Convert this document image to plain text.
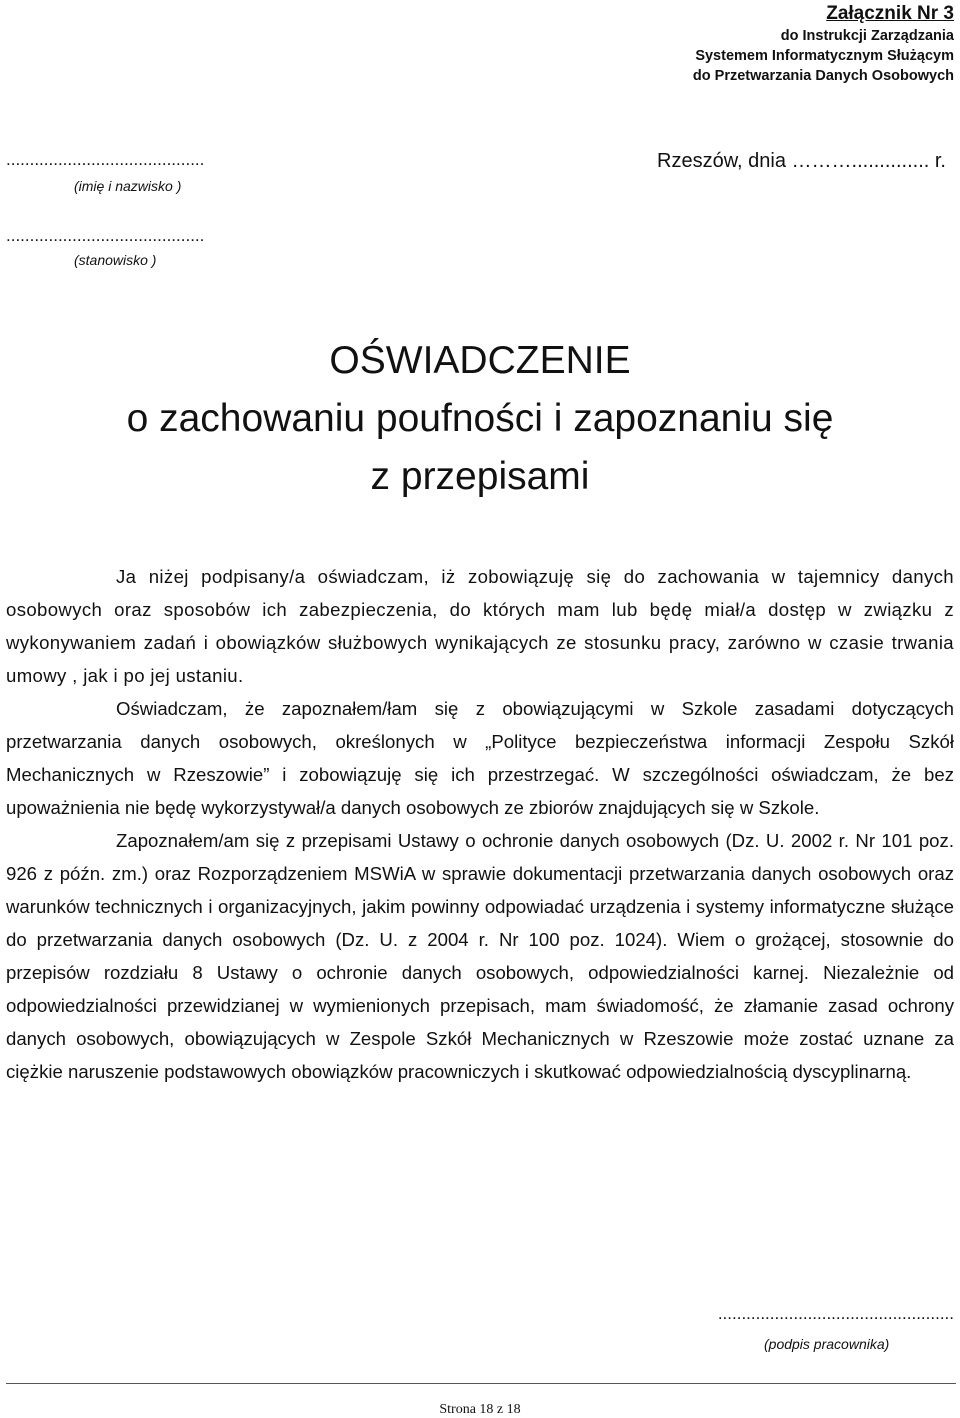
Załącznik Nr 3
do Instrukcji Zarządzania
Systemem Informatycznym Służącym
do Przetwarzania Danych Osobowych
..........................................
(imię i nazwisko )
Rzeszów, dnia ……….............. r.
..........................................
(stanowisko )
OŚWIADCZENIE
o zachowaniu poufności i zapoznaniu się
z przepisami

Ja niżej podpisany/a oświadczam, iż zobowiązuję się do zachowania w tajemnicy danych osobowych oraz sposobów ich zabezpieczenia, do których mam lub będę miał/a dostęp w związku z wykonywaniem zadań i obowiązków służbowych wynikających ze stosunku pracy, zarówno w czasie trwania umowy , jak i po jej ustaniu.

Oświadczam, że zapoznałem/łam się z obowiązującymi w Szkole zasadami dotyczących przetwarzania danych osobowych, określonych w „Polityce bezpieczeństwa informacji Zespołu Szkół Mechanicznych w Rzeszowie” i zobowiązuję się ich przestrzegać. W szczególności oświadczam, że bez upoważnienia nie będę wykorzystywał/a danych osobowych ze zbiorów znajdujących się w Szkole.

Zapoznałem/am się z przepisami Ustawy o ochronie danych osobowych (Dz. U. 2002 r. Nr 101 poz. 926 z późn. zm.) oraz Rozporządzeniem MSWiA w sprawie dokumentacji przetwarzania danych osobowych oraz warunków technicznych i organizacyjnych, jakim powinny odpowiadać urządzenia i systemy informatyczne służące do przetwarzania danych osobowych (Dz. U. z 2004 r. Nr 100 poz. 1024). Wiem o grożącej, stosownie do przepisów rozdziału 8 Ustawy o ochronie danych osobowych, odpowiedzialności karnej. Niezależnie od odpowiedzialności przewidzianej w wymienionych przepisach, mam świadomość, że złamanie zasad ochrony danych osobowych, obowiązujących w Zespole Szkół Mechanicznych w Rzeszowie może zostać uznane za ciężkie naruszenie podstawowych obowiązków pracowniczych i skutkować odpowiedzialnością dyscyplinarną.

..................................................
(podpis pracownika)
Strona 18 z 18
